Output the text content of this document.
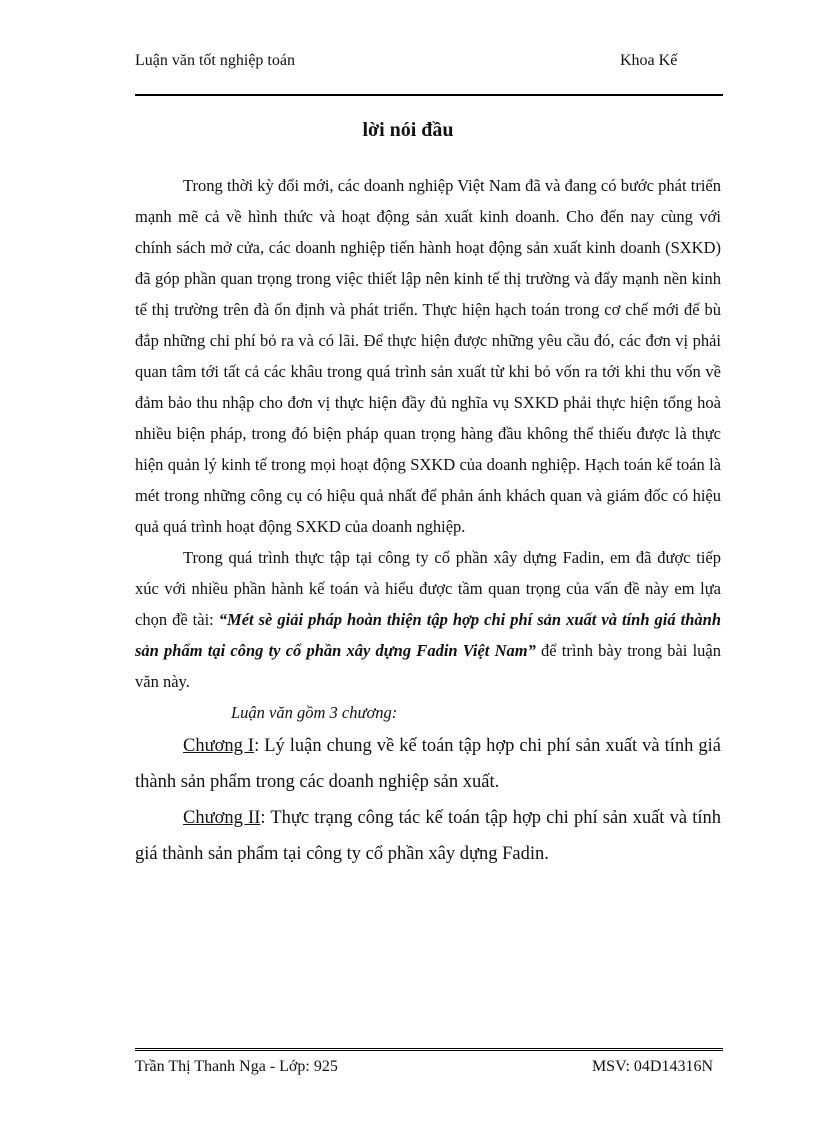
Luận văn tốt nghiệp toán	Khoa Kế
lời nói đầu

Trong thời kỳ đổi mới, các doanh nghiệp Việt Nam đã và đang có bước phát triển mạnh mẽ cả về hình thức và hoạt động sản xuất kinh doanh. Cho đến nay cùng với chính sách mở cửa, các doanh nghiệp tiến hành hoạt động sản xuất kinh doanh (SXKD) đã góp phần quan trọng trong việc thiết lập nên kinh tế thị trường và đẩy mạnh nền kinh tế thị trường trên đà ổn định và phát triển. Thực hiện hạch toán trong cơ chế mới để bù đắp những chi phí bỏ ra và có lãi. Để thực hiện được những yêu cầu đó, các đơn vị phải quan tâm tới tất cả các khâu trong quá trình sản xuất từ khi bỏ vốn ra tới khi thu vốn về đảm bảo thu nhập cho đơn vị thực hiện đầy đủ nghĩa vụ SXKD phải thực hiện tổng hoà nhiều biện pháp, trong đó biện pháp quan trọng hàng đầu không thể thiếu được là thực hiện quản lý kinh tế trong mọi hoạt động SXKD của doanh nghiệp. Hạch toán kế toán là mét trong những công cụ có hiệu quả nhất để phản ánh khách quan và giám đốc có hiệu quả quá trình hoạt động SXKD của doanh nghiệp.

Trong quá trình thực tập tại công ty cổ phần xây dựng Fadin, em đã được tiếp xúc với nhiều phần hành kế toán và hiểu được tầm quan trọng của vấn đề này em lựa chọn đề tài: “Mét sè giải pháp hoàn thiện tập hợp chi phí sản xuất và tính giá thành sản phẩm tại công ty cổ phần xây dựng Fadin Việt Nam” để trình bày trong bài luận văn này.

Luận văn gồm 3 chương:

Chương I: Lý luận chung về kế toán tập hợp chi phí sản xuất và tính giá thành sản phẩm trong các doanh nghiệp sản xuất.

Chương II: Thực trạng công tác kế toán tập hợp chi phí sản xuất và tính giá thành sản phẩm tại công ty cổ phần xây dựng Fadin.

Trần Thị Thanh Nga - Lớp: 925	MSV: 04D14316N
